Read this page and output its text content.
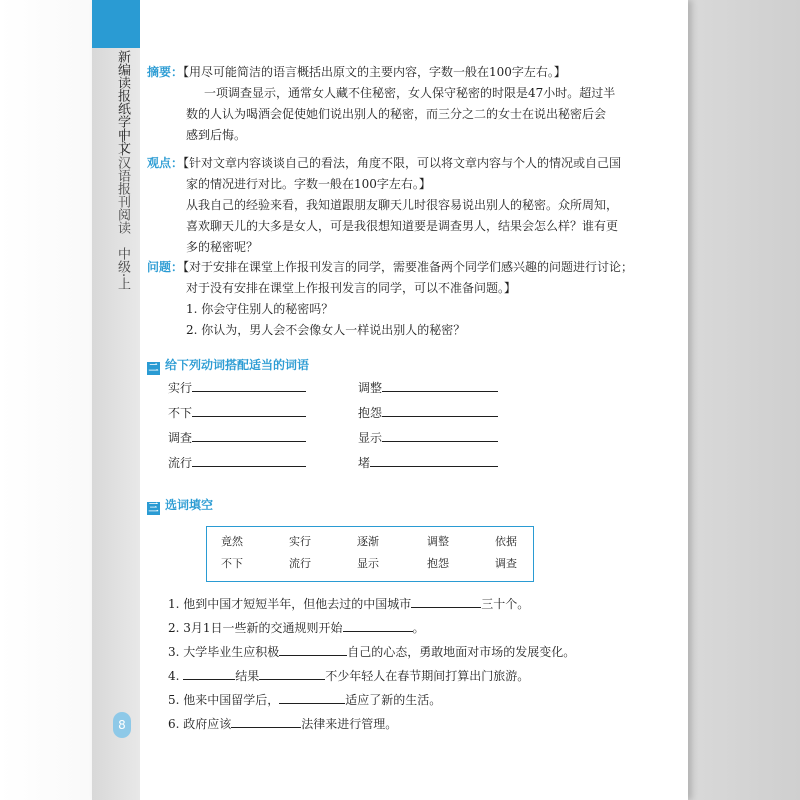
新编读报纸学中文
——汉语报刊阅读　中级·上
8
摘要：【用尽可能简洁的语言概括出原文的主要内容，字数一般在100字左右。】
一项调查显示，通常女人藏不住秘密，女人保守秘密的时限是47小时。超过半
数的人认为喝酒会促使她们说出别人的秘密，而三分之二的女士在说出秘密后会
感到后悔。
观点：【针对文章内容谈谈自己的看法，角度不限，可以将文章内容与个人的情况或自己国
家的情况进行对比。字数一般在100字左右。】
从我自己的经验来看，我知道跟朋友聊天儿时很容易说出别人的秘密。众所周知，
喜欢聊天儿的大多是女人，可是我很想知道要是调查男人，结果会怎么样？谁有更
多的秘密呢？
问题：【对于安排在课堂上作报刊发言的同学，需要准备两个同学们感兴趣的问题进行讨论；
对于没有安排在课堂上作报刊发言的同学，可以不准备问题。】
1. 你会守住别人的秘密吗？
2. 你认为，男人会不会像女人一样说出别人的秘密？
二 给下列动词搭配适当的词语
实行	调整
不下	抱怨
调查	显示
流行	堵
三 选词填空
竟然	实行	逐渐	调整	依据
不下	流行	显示	抱怨	调查
1. 他到中国才短短半年，但他去过的中国城市	三十个。
2. 3月1日一些新的交通规则开始	。
3. 大学毕业生应积极	自己的心态，勇敢地面对市场的发展变化。
4.	结果	不少年轻人在春节期间打算出门旅游。
5. 他来中国留学后，	适应了新的生活。
6. 政府应该	法律来进行管理。
